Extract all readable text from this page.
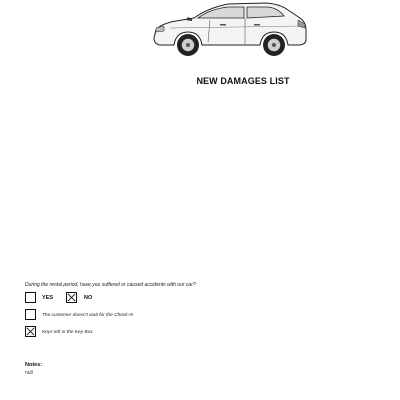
NEW DAMAGES LIST
During the rental period, have you suffered or caused accidents with our car?
YES	NO
The customer doesn't wait for the Check-In
Keys left in the Key Box
Notes:
null
